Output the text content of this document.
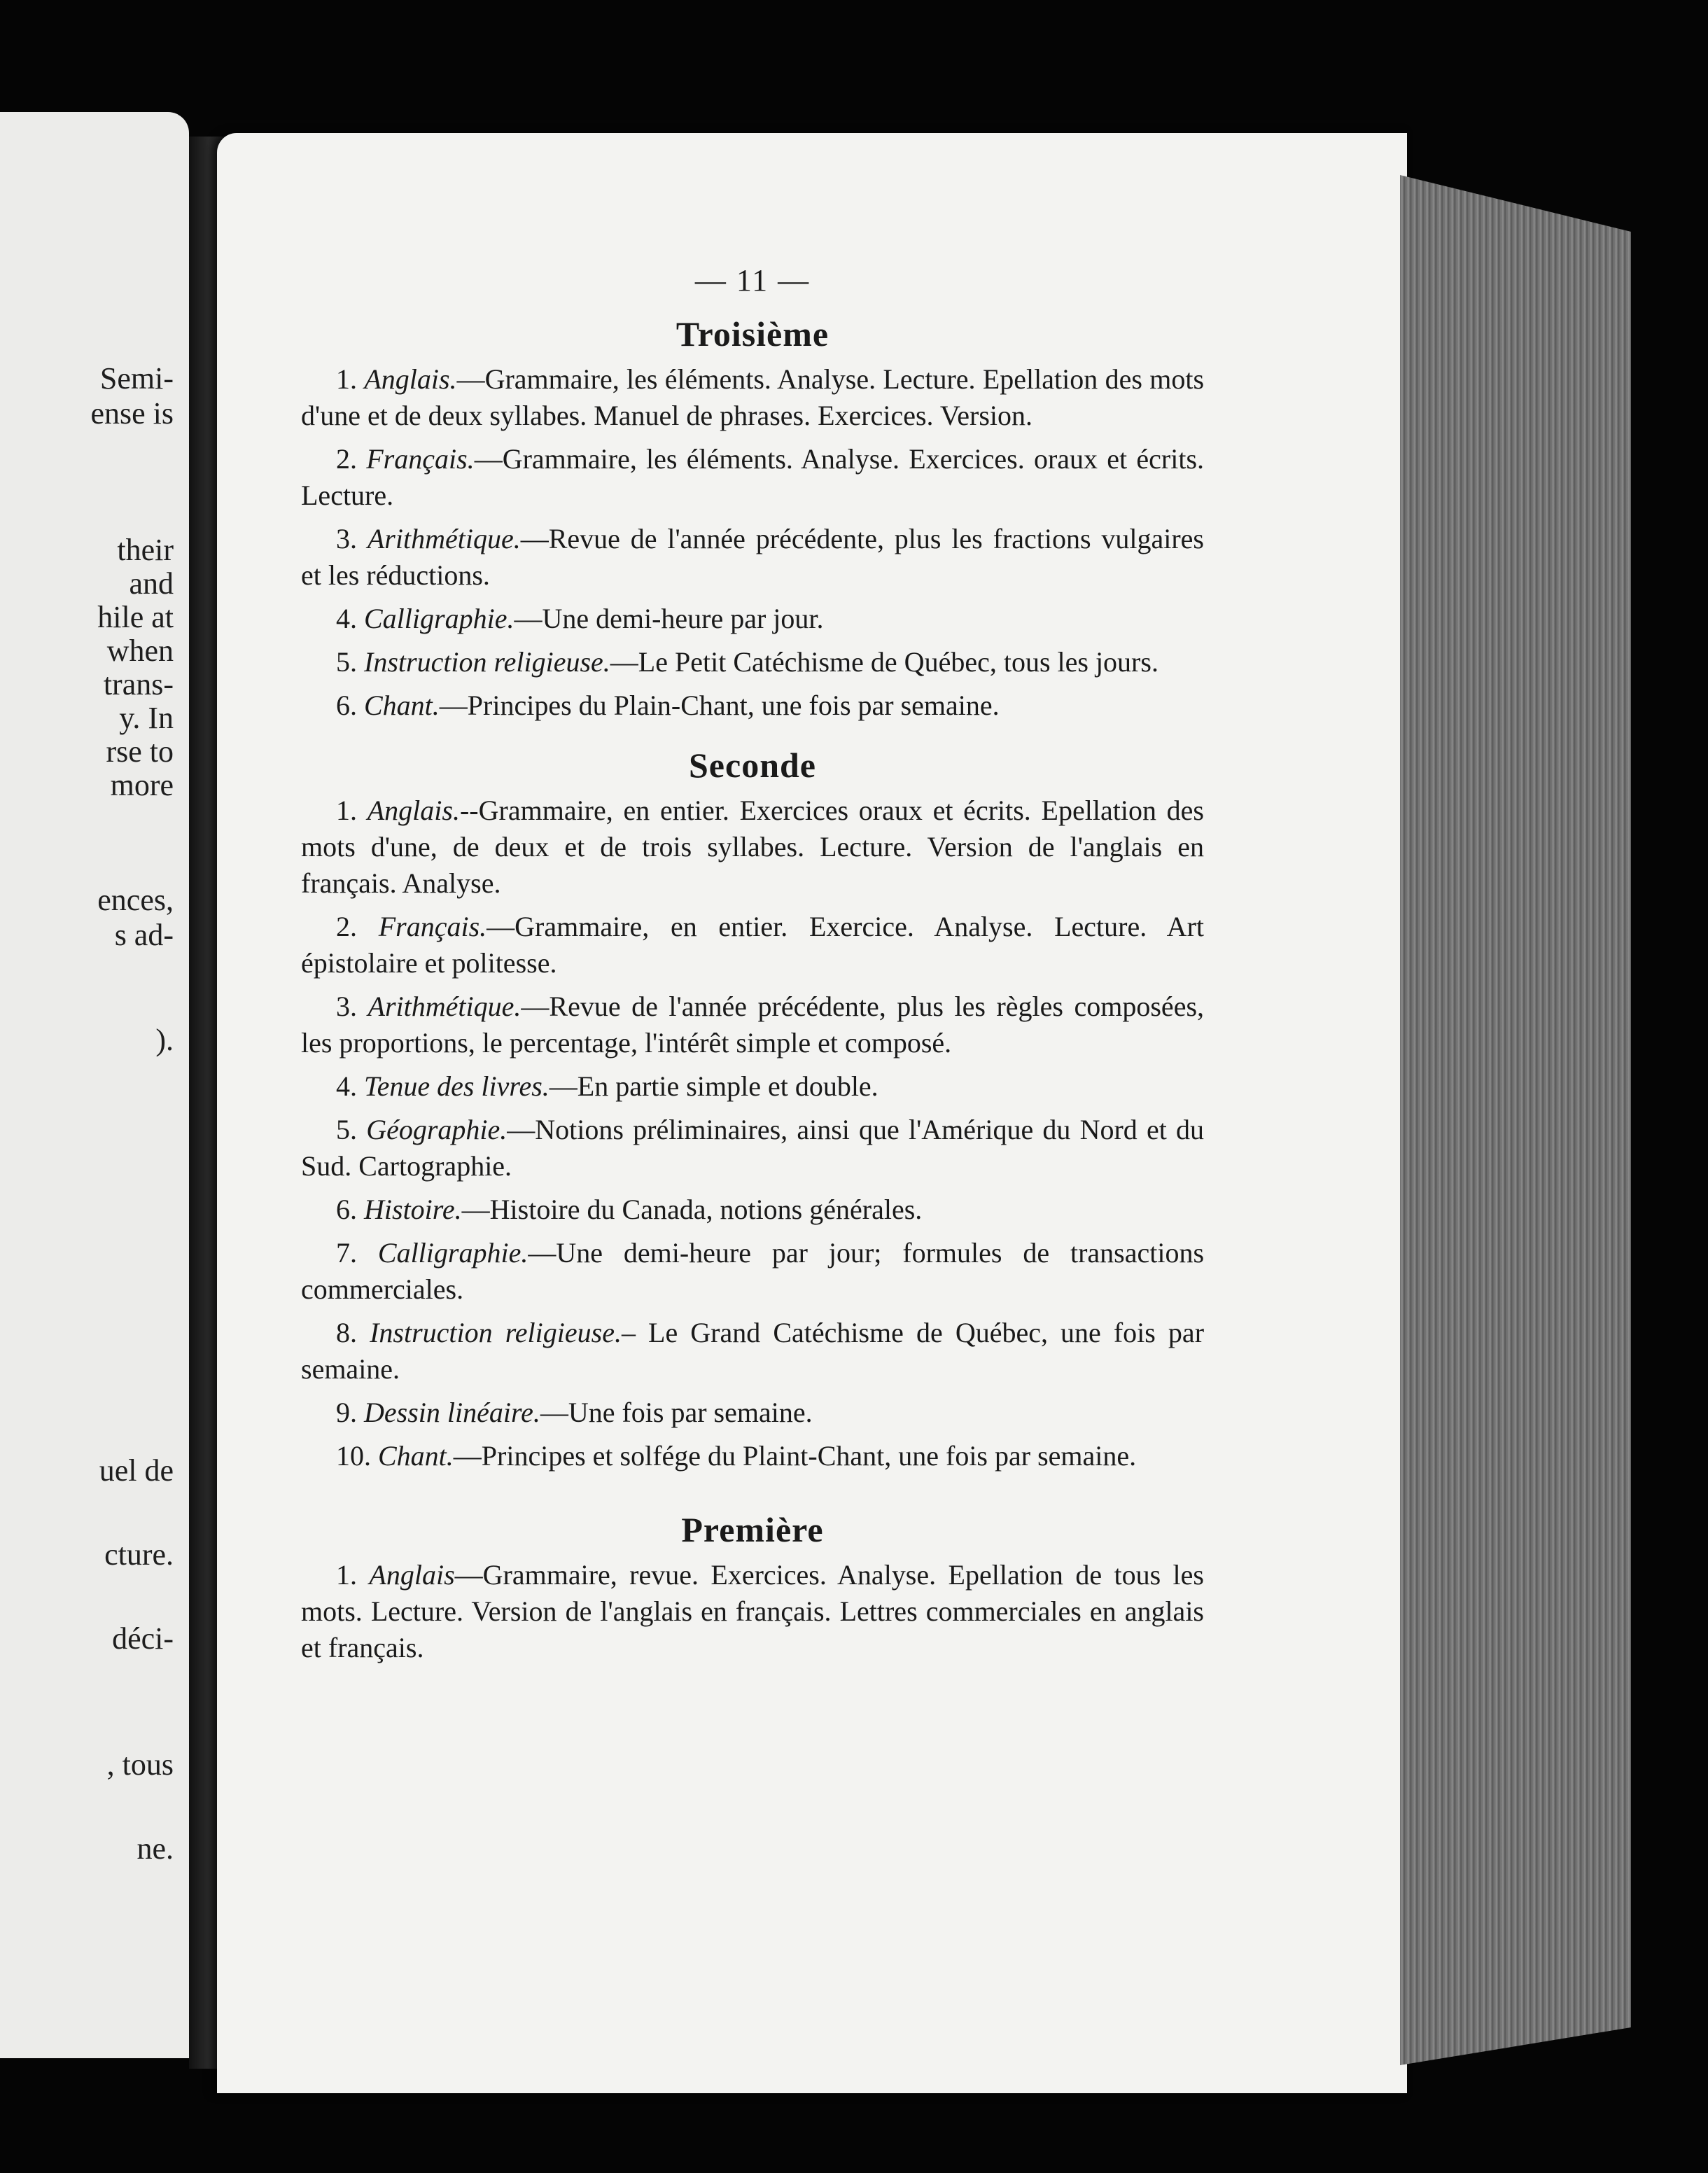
Semi-
ense is
their
and
hile at
when
trans-
y. In
rse to
more
ences,
s ad-
).
uel de
cture.
déci-
, tous
ne.
— 11 —
Troisième

1. Anglais.—Grammaire, les éléments. Analyse. Lecture. Epellation des mots d'une et de deux syllabes. Manuel de phrases. Exercices. Version.

2. Français.—Grammaire, les éléments. Analyse. Exercices. oraux et écrits. Lecture.

3. Arithmétique.—Revue de l'année précédente, plus les fractions vulgaires et les réductions.

4. Calligraphie.—Une demi-heure par jour.

5. Instruction religieuse.—Le Petit Catéchisme de Québec, tous les jours.

6. Chant.—Principes du Plain-Chant, une fois par semaine.

Seconde

1. Anglais.--Grammaire, en entier. Exercices oraux et écrits. Epellation des mots d'une, de deux et de trois syllabes. Lecture. Version de l'anglais en français. Analyse.

2. Français.—Grammaire, en entier. Exercice. Analyse. Lecture. Art épistolaire et politesse.

3. Arithmétique.—Revue de l'année précédente, plus les règles composées, les proportions, le percentage, l'intérêt simple et composé.

4. Tenue des livres.—En partie simple et double.

5. Géographie.—Notions préliminaires, ainsi que l'Amérique du Nord et du Sud. Cartographie.

6. Histoire.—Histoire du Canada, notions générales.

7. Calligraphie.—Une demi-heure par jour; formules de transactions commerciales.

8. Instruction religieuse.– Le Grand Catéchisme de Québec, une fois par semaine.

9. Dessin linéaire.—Une fois par semaine.

10. Chant.—Principes et solfége du Plaint-Chant, une fois par semaine.

Première

1. Anglais—Grammaire, revue. Exercices. Analyse. Epellation de tous les mots. Lecture. Version de l'anglais en français. Lettres commerciales en anglais et français.
